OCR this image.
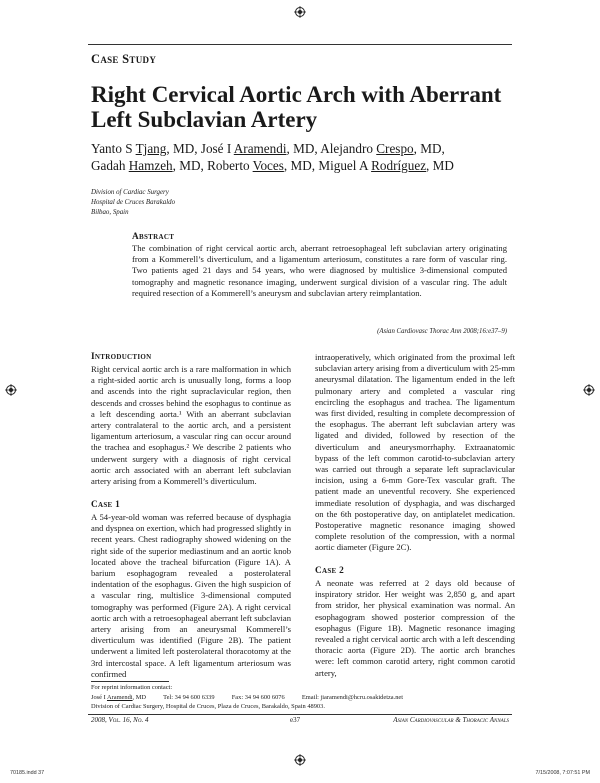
Case Study
Right Cervical Aortic Arch with Aberrant Left Subclavian Artery
Yanto S Tjang, MD, José I Aramendi, MD, Alejandro Crespo, MD,
Gadah Hamzeh, MD, Roberto Voces, MD, Miguel A Rodríguez, MD
Division of Cardiac Surgery
Hospital de Cruces Barakaldo
Bilbao, Spain
Abstract
The combination of right cervical aortic arch, aberrant retroesophageal left subclavian artery originating from a Kommerell’s diverticulum, and a ligamentum arteriosum, constitutes a rare form of vascular ring. Two patients aged 21 days and 54 years, who were diagnosed by multislice 3-dimensional computed tomography and magnetic resonance imaging, underwent surgical division of a vascular ring. The adult required resection of a Kommerell’s aneurysm and subclavian artery reimplantation.
(Asian Cardiovasc Thorac Ann 2008;16:e37–9)
Introduction
Right cervical aortic arch is a rare malformation in which a right-sided aortic arch is unusually long, forms a loop and ascends into the right supraclavicular region, then descends and crosses behind the esophagus to continue as a left descending aorta.¹ With an aberrant subclavian artery contralateral to the aortic arch, and a persistent ligamentum arteriosum, a vascular ring can occur around the trachea and esophagus.² We describe 2 patients who underwent surgery with a diagnosis of right cervical aortic arch associated with an aberrant left subclavian artery arising from a Kommerell’s diverticulum.
Case 1
A 54-year-old woman was referred because of dysphagia and dyspnea on exertion, which had progressed slightly in recent years. Chest radiography showed widening on the right side of the superior mediastinum and an aortic knob located above the tracheal bifurcation (Figure 1A). A barium esophagogram revealed a posterolateral indentation of the esophagus. Given the high suspicion of a vascular ring, multislice 3-dimensional computed tomography was performed (Figure 2A). A right cervical aortic arch with a retroesophageal aberrant left subclavian artery arising from an aneurysmal Kommerell’s diverticulum was identified (Figure 2B). The patient underwent a limited left posterolateral thoracotomy at the 3rd intercostal space. A left ligamentum arteriosum was confirmed
intraoperatively, which originated from the proximal left subclavian artery arising from a diverticulum with 25-mm aneurysmal dilatation. The ligamentum ended in the left pulmonary artery and completed a vascular ring encircling the esophagus and trachea. The ligamentum was first divided, resulting in complete decompression of the esophagus. The aberrant left subclavian artery was ligated and divided, followed by resection of the diverticulum and aneurysmorrhaphy. Extraanatomic bypass of the left common carotid-to-subclavian artery was carried out through a separate left supraclavicular incision, using a 6-mm Gore-Tex vascular graft. The patient made an uneventful recovery. She experienced immediate resolution of dysphagia, and was discharged on the 6th postoperative day, on antiplatelet medication. Postoperative magnetic resonance imaging showed complete resolution of the compression, with a normal aortic diameter (Figure 2C).
Case 2
A neonate was referred at 2 days old because of inspiratory stridor. Her weight was 2,850 g, and apart from stridor, her physical examination was normal. An esophagogram showed posterior compression of the esophagus (Figure 1B). Magnetic resonance imaging revealed a right cervical aortic arch with a left descending thoracic aorta (Figure 2D). The aortic arch branches were: left common carotid artery, right common carotid artery,
For reprint information contact:
José I Aramendi, MD	Tel: 34 94 600 6339	Fax: 34 94 600 6076	Email: jiaramendi@hcru.osakidetza.net
Division of Cardiac Surgery, Hospital de Cruces, Plaza de Cruces, Barakaldo, Spain 48903.
2008, Vol. 16, No. 4	e37	Asian Cardiovascular & Thoracic Annals
70185.indd 37	7/15/2008, 7:07:51 PM
